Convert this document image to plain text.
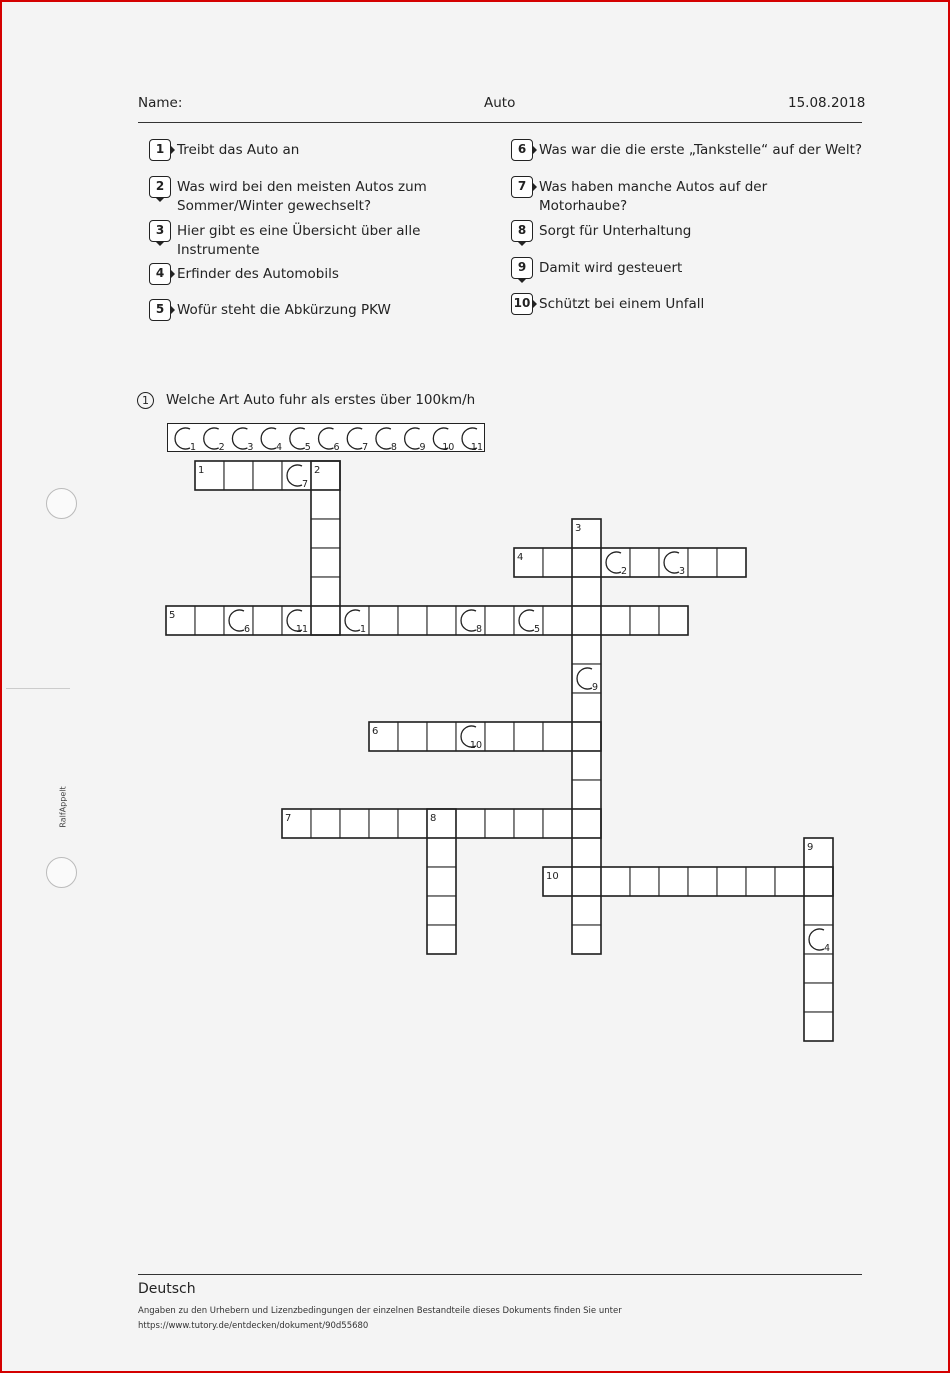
Name:	Auto	15.08.2018
1 Treibt das Auto an
2 Was wird bei den meisten Autos zum Sommer/Winter gewechselt?
3 Hier gibt es eine Übersicht über alle Instrumente
4 Erfinder des Automobils
5 Wofür steht die Abkürzung PKW
6 Was war die die erste „Tankstelle“ auf der Welt?
7 Was haben manche Autos auf der Motorhaube?
8 Sorgt für Unterhaltung
9 Damit wird gesteuert
10 Schützt bei einem Unfall
1	Welche Art Auto fuhr als erstes über 100km/h
1 2 3 4 5 6 7 8 9 10 11
1	2
3
4
5
6
7	8
9
10
1
2	3
4
5
6
7
8
9
10
11
RalfAppelt
Deutsch
Angaben zu den Urhebern und Lizenzbedingungen der einzelnen Bestandteile dieses Dokuments finden Sie unter
https://www.tutory.de/entdecken/dokument/90d55680
